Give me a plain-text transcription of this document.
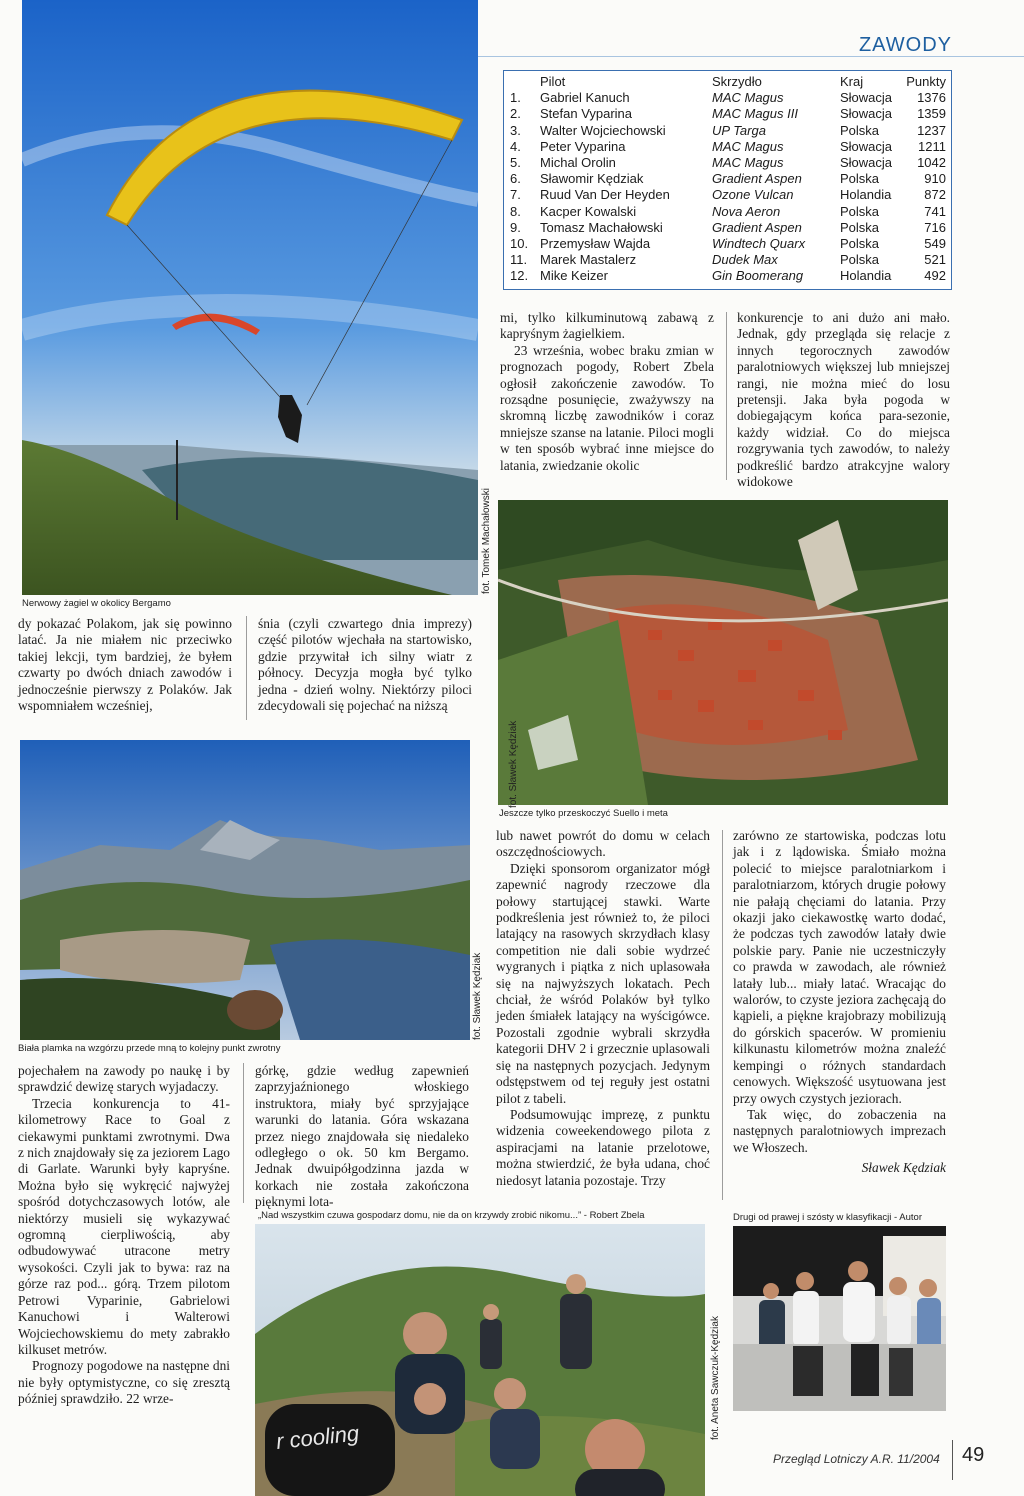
ZAWODY
Nerwowy żagiel w okolicy Bergamo
fot. Tomek Machałowski
	Pilot	Skrzydło	Kraj	Punkty
1.	Gabriel Kanuch	MAC Magus	Słowacja	1376
2.	Stefan Vyparina	MAC Magus III	Słowacja	1359
3.	Walter Wojciechowski	UP Targa	Polska	1237
4.	Peter Vyparina	MAC Magus	Słowacja	1211
5.	Michal Orolin	MAC Magus	Słowacja	1042
6.	Sławomir Kędziak	Gradient Aspen	Polska	910
7.	Ruud Van Der Heyden	Ozone Vulcan	Holandia	872
8.	Kacper Kowalski	Nova Aeron	Polska	741
9.	Tomasz Machałowski	Gradient Aspen	Polska	716
10.	Przemysław Wajda	Windtech Quarx	Polska	549
11.	Marek Mastalerz	Dudek Max	Polska	521
12.	Mike Keizer	Gin Boomerang	Holandia	492

mi, tylko kilkuminutową zabawą z kapryśnym żagielkiem.

23 września, wobec braku zmian w prognozach pogody, Robert Zbela ogłosił zakończenie zawodów. To rozsądne posunięcie, zważywszy na skromną liczbę zawodników i coraz mniejsze szanse na latanie. Piloci mogli w ten sposób wybrać inne miejsce do latania, zwiedzanie okolic

konkurencje to ani dużo ani mało. Jednak, gdy przegląda się relacje z innych tegorocznych zawodów paralotniowych większej lub mniejszej rangi, nie można mieć do losu pretensji. Jaka była pogoda w dobiegającym końca para-sezonie, każdy widział. Co do miejsca rozgrywania tych zawodów, to należy podkreślić bardzo atrakcyjne walory widokowe

fot. Sławek Kędziak
Jeszcze tylko przeskoczyć Suello i meta

dy pokazać Polakom, jak się powinno latać. Ja nie miałem nic przeciwko takiej lekcji, tym bardziej, że byłem czwarty po dwóch dniach zawodów i jednocześnie pierwszy z Polaków. Jak wspomniałem wcześniej,

śnia (czyli czwartego dnia imprezy) część pilotów wjechała na startowisko, gdzie przywitał ich silny wiatr z północy. Decyzja mogła być tylko jedna - dzień wolny. Niektórzy piloci zdecydowali się pojechać na niższą

fot. Sławek Kędziak
Biała plamka na wzgórzu przede mną to kolejny punkt zwrotny

lub nawet powrót do domu w celach oszczędnościowych.

Dzięki sponsorom organizator mógł zapewnić nagrody rzeczowe dla połowy startującej stawki. Warte podkreślenia jest również to, że piloci latający na rasowych skrzydłach klasy competition nie dali sobie wydrzeć wygranych i piątka z nich uplasowała się na najwyższych lokatach. Pech chciał, że wśród Polaków był tylko jeden śmiałek latający na wyścigówce. Pozostali zgodnie wybrali skrzydła kategorii DHV 2 i grzecznie uplasowali się na następnych pozycjach. Jedynym odstępstwem od tej reguły jest ostatni pilot z tabeli.

Podsumowując imprezę, z punktu widzenia coweekendowego pilota z aspiracjami na latanie przelotowe, można stwierdzić, że była udana, choć niedosyt latania pozostaje. Trzy

zarówno ze startowiska, podczas lotu jak i z lądowiska. Śmiało można polecić to miejsce paralotniarkom i paralotniarzom, których drugie połowy nie pałają chęciami do latania. Przy okazji jako ciekawostkę warto dodać, że podczas tych zawodów latały dwie polskie pary. Panie nie uczestniczyły co prawda w zawodach, ale również latały lub... miały latać. Wracając do walorów, to czyste jeziora zachęcają do kąpieli, a piękne krajobrazy mobilizują do górskich spacerów. W promieniu kilkunastu kilometrów można znaleźć kempingi o różnych standardach cenowych. Większość usytuowana jest przy owych czystych jeziorach.

Tak więc, do zobaczenia na następnych paralotniowych imprezach we Włoszech.

Sławek Kędziak

pojechałem na zawody po naukę i by sprawdzić dewizę starych wyjadaczy.

Trzecia konkurencja to 41-kilometrowy Race to Goal z ciekawymi punktami zwrotnymi. Dwa z nich znajdowały się za jeziorem Lago di Garlate. Warunki były kapryśne. Można było się wykręcić najwyżej spośród dotychczasowych lotów, ale niektórzy musieli się wykazywać ogromną cierpliwością, aby odbudowywać utracone metry wysokości. Czyli jak to bywa: raz na górze raz pod... górą. Trzem pilotom Petrowi Vyparinie, Gabrielowi Kanuchowi i Walterowi Wojciechowskiemu do mety zabrakło kilkuset metrów.

Prognozy pogodowe na następne dni nie były optymistyczne, co się zresztą później sprawdziło. 22 wrze-

górkę, gdzie według zapewnień zaprzyjaźnionego włoskiego instruktora, miały być sprzyjające warunki do latania. Góra wskazana przez niego znajdowała się niedaleko odległego o ok. 50 km Bergamo. Jednak dwuipółgodzinna jazda w korkach nie została zakończona pięknymi lota-

„Nad wszystkim czuwa gospodarz domu, nie da on krzywdy zrobić nikomu...” - Robert Zbela
r cooling	fot. Aneta Sawczuk-Kędziak
Drugi od prawej i szósty w klasyfikacji - Autor
Przegląd Lotniczy A.R. 11/2004 49
